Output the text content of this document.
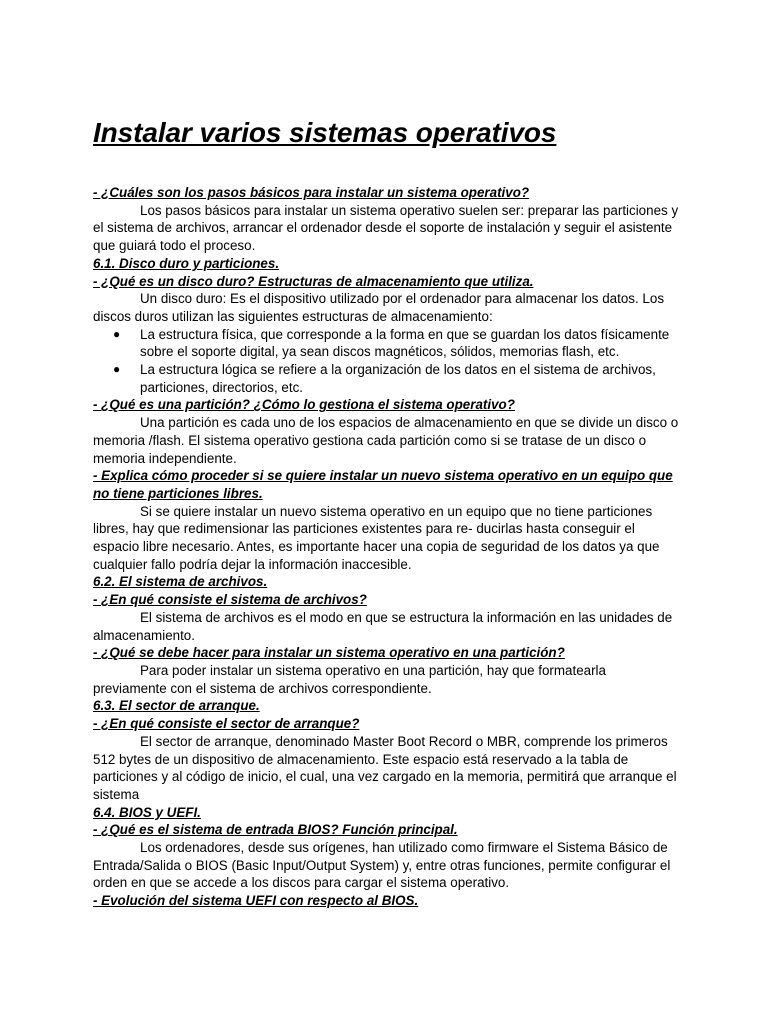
Instalar varios sistemas operativos
- ¿Cuáles son los pasos básicos para instalar un sistema operativo?
Los pasos básicos para instalar un sistema operativo suelen ser: preparar las particiones y el sistema de archivos, arrancar el ordenador desde el soporte de instalación y seguir el asistente que guiará todo el proceso.
6.1. Disco duro y particiones.
- ¿Qué es un disco duro? Estructuras de almacenamiento que utiliza.
Un disco duro: Es el dispositivo utilizado por el ordenador para almacenar los datos. Los discos duros utilizan las siguientes estructuras de almacenamiento:
● La estructura física, que corresponde a la forma en que se guardan los datos físicamente sobre el soporte digital, ya sean discos magnéticos, sólidos, memorias flash, etc.
● La estructura lógica se refiere a la organización de los datos en el sistema de archivos, particiones, directorios, etc.
- ¿Qué es una partición? ¿Cómo lo gestiona el sistema operativo?
Una partición es cada uno de los espacios de almacenamiento en que se divide un disco o memoria /flash. El sistema operativo gestiona cada partición como si se tratase de un disco o memoria independiente.
- Explica cómo proceder si se quiere instalar un nuevo sistema operativo en un equipo que no tiene particiones libres.
Si se quiere instalar un nuevo sistema operativo en un equipo que no tiene particiones libres, hay que redimensionar las particiones existentes para re- ducirlas hasta conseguir el espacio libre necesario. Antes, es importante hacer una copia de seguridad de los datos ya que cualquier fallo podría dejar la información inaccesible.
6.2. El sistema de archivos.
- ¿En qué consiste el sistema de archivos?
El sistema de archivos es el modo en que se estructura la información en las unidades de almacenamiento.
- ¿Qué se debe hacer para instalar un sistema operativo en una partición?
Para poder instalar un sistema operativo en una partición, hay que formatearla previamente con el sistema de archivos correspondiente.
6.3. El sector de arranque.
- ¿En qué consiste el sector de arranque?
El sector de arranque, denominado Master Boot Record o MBR, comprende los primeros 512 bytes de un dispositivo de almacenamiento. Este espacio está reservado a la tabla de particiones y al código de inicio, el cual, una vez cargado en la memoria, permitirá que arranque el sistema
6.4. BIOS y UEFI.
- ¿Qué es el sistema de entrada BIOS? Función principal.
Los ordenadores, desde sus orígenes, han utilizado como firmware el Sistema Básico de Entrada/Salida o BIOS (Basic Input/Output System) y, entre otras funciones, permite configurar el orden en que se accede a los discos para cargar el sistema operativo.
- Evolución del sistema UEFI con respecto al BIOS.
